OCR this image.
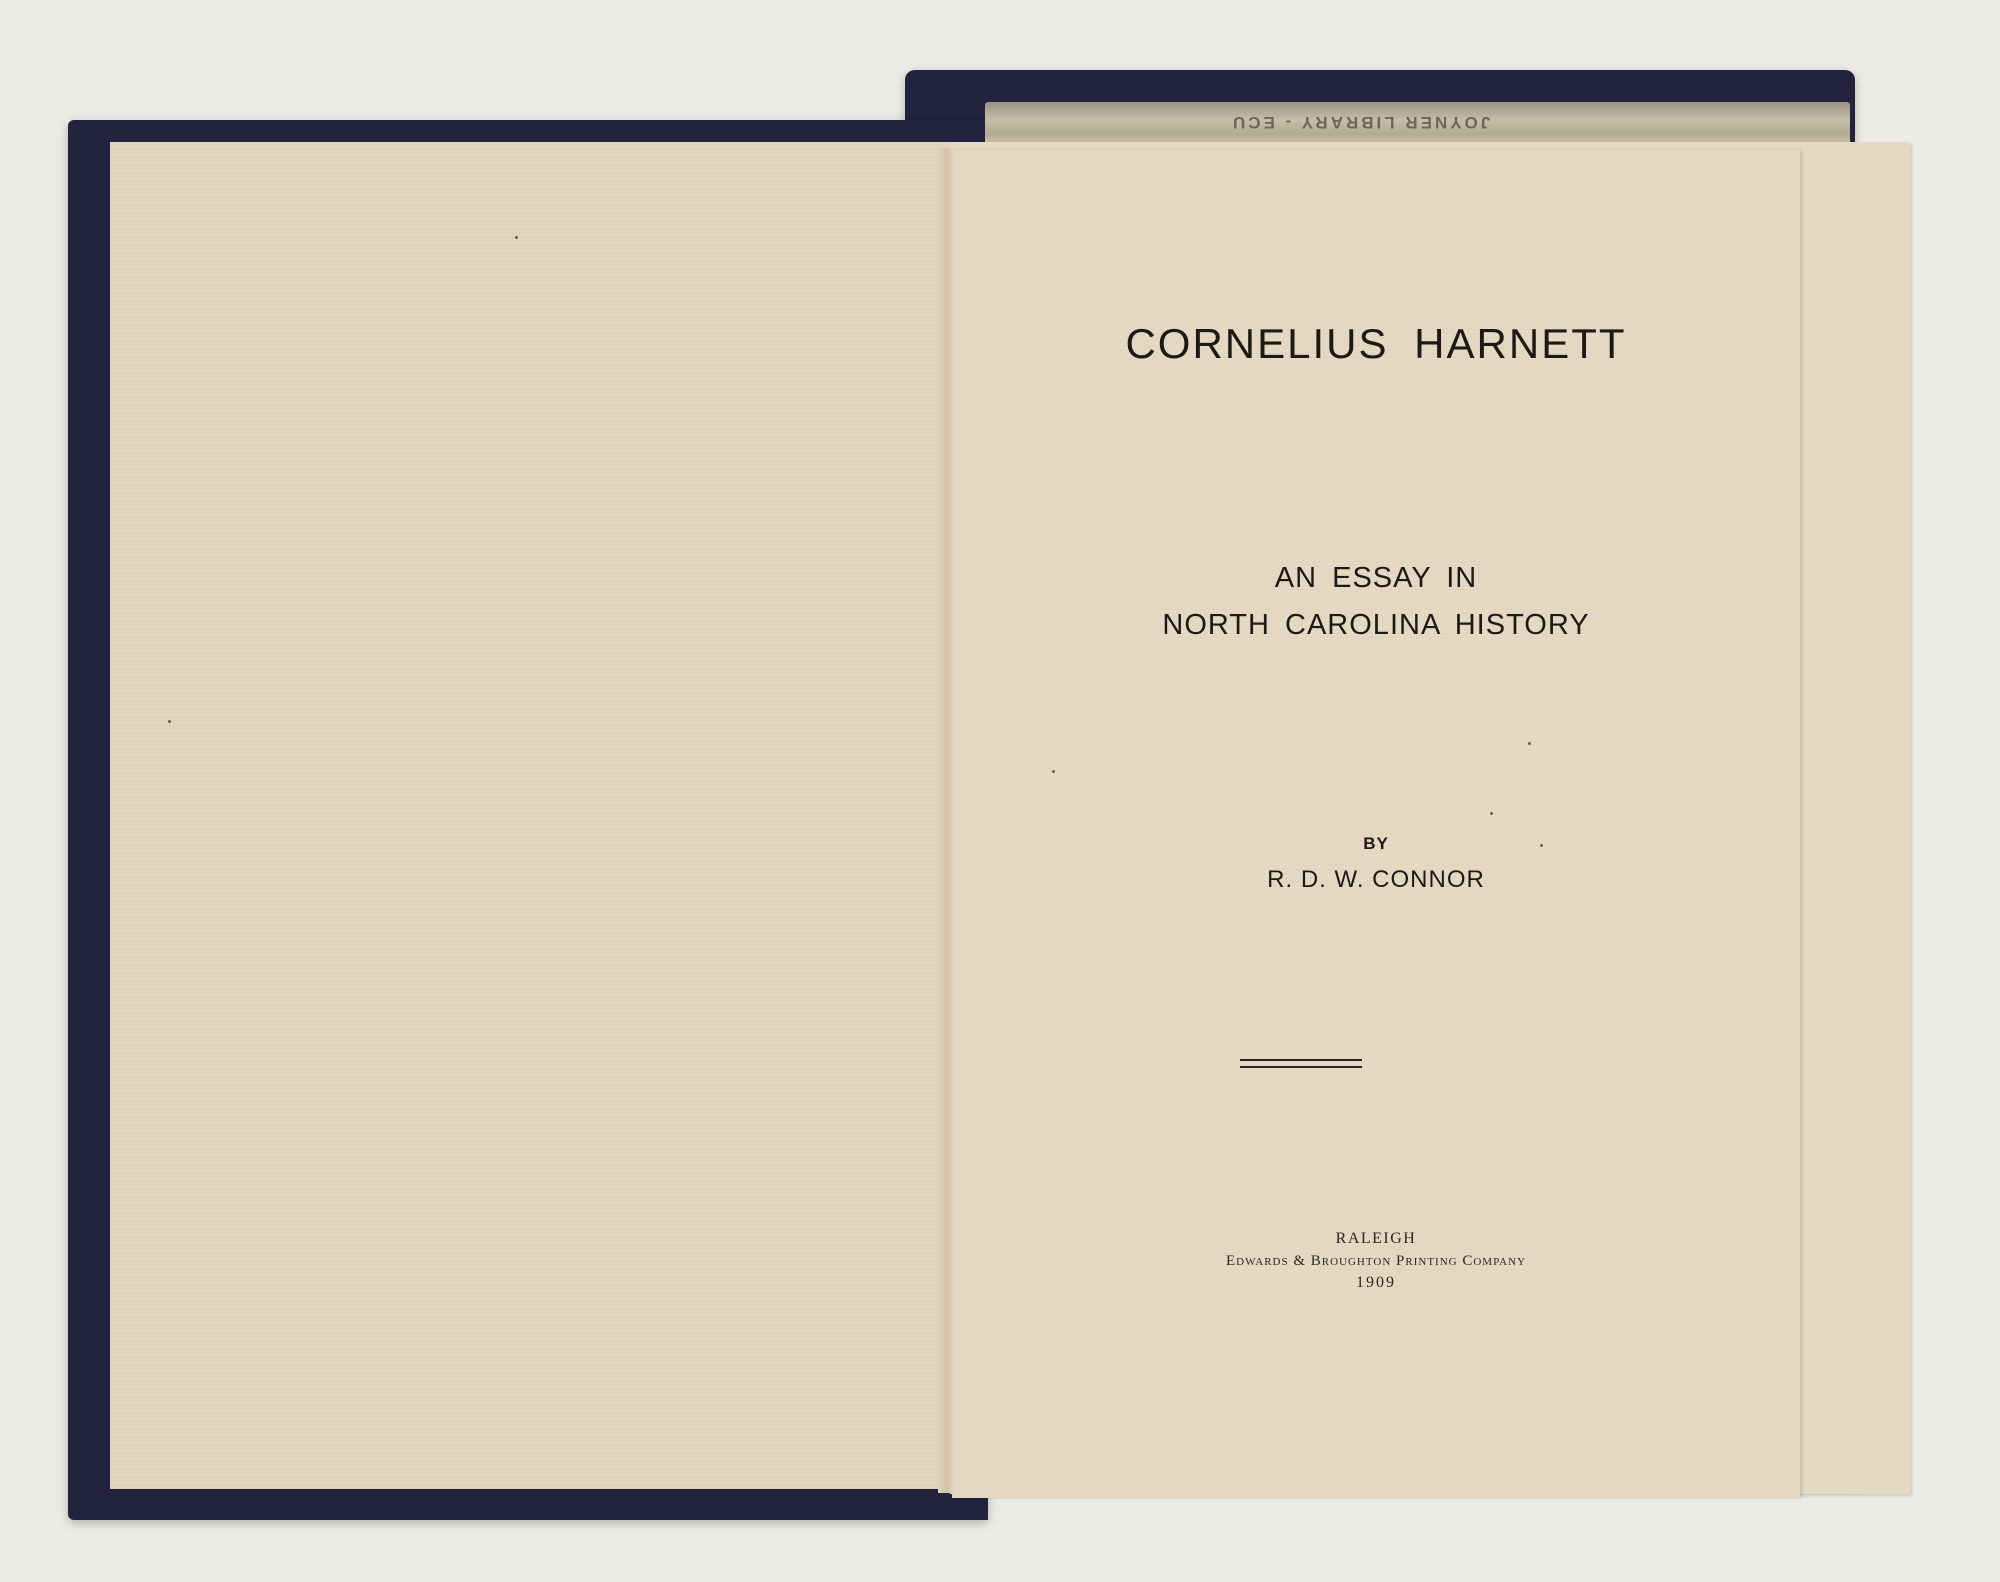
JOYNER LIBRARY - ECU
CORNELIUS HARNETT
AN ESSAY IN
NORTH CAROLINA HISTORY
BY
R. D. W. CONNOR
RALEIGH
Edwards & Broughton Printing Company
1909
